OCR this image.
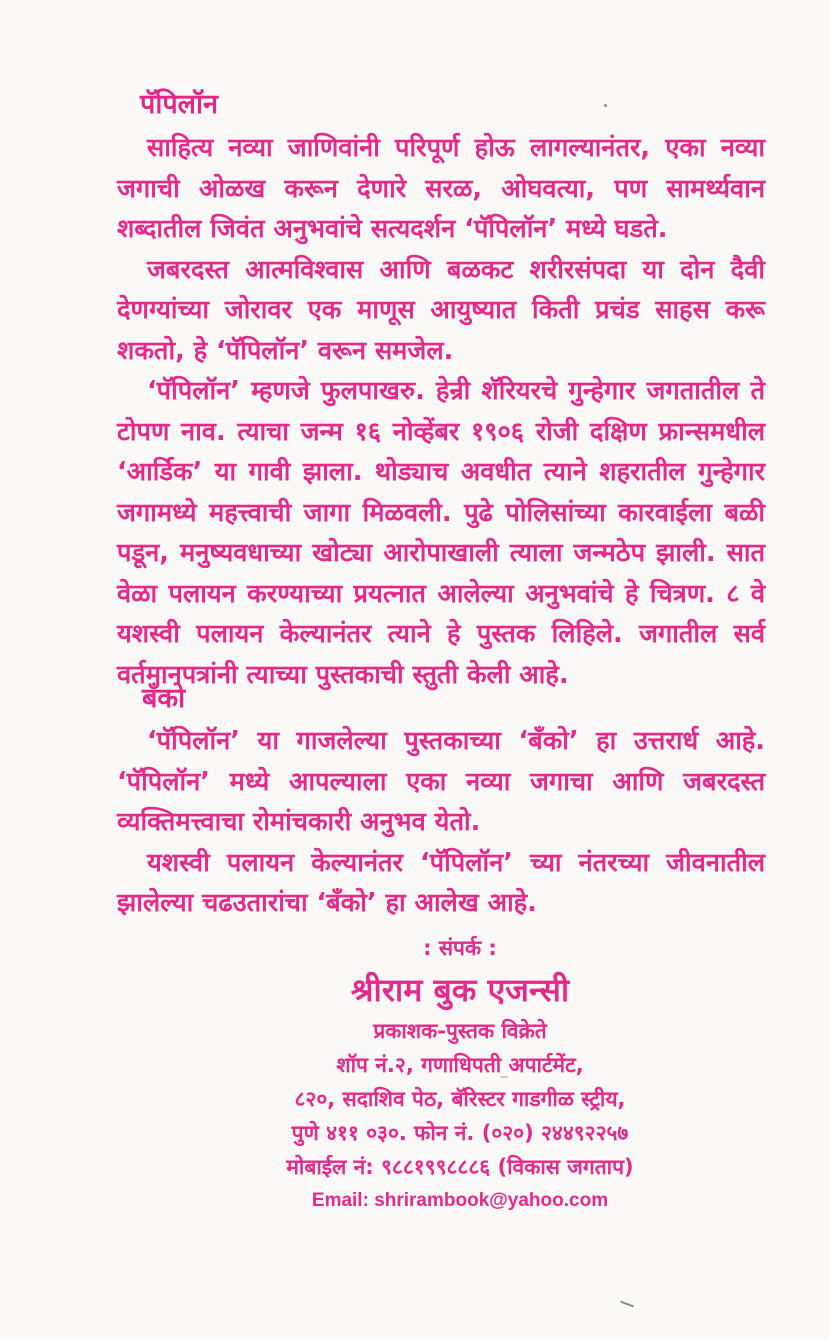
पॅपिलॉन

साहित्य नव्या जाणिवांनी परिपूर्ण होऊ लागल्यानंतर, एका नव्या जगाची ओळख करून देणारे सरळ, ओघवत्या, पण सामर्थ्यवान शब्दातील जिवंत अनुभवांचे सत्यदर्शन ‘पॅपिलॉन’ मध्ये घडते.

जबरदस्त आत्मविश्वास आणि बळकट शरीरसंपदा या दोन दैवी देणग्यांच्या जोरावर एक माणूस आयुष्यात किती प्रचंड साहस करू शकतो, हे ‘पॅपिलॉन’ वरून समजेल.

‘पॅपिलॉन’ म्हणजे फुलपाखरु. हेन्री शॅरियरचे गुन्हेगार जगतातील ते टोपण नाव. त्याचा जन्म १६ नोव्हेंबर १९०६ रोजी दक्षिण फ्रान्समधील ‘आर्डिक’ या गावी झाला. थोड्याच अवधीत त्याने शहरातील गुन्हेगार जगामध्ये महत्त्वाची जागा मिळवली. पुढे पोलिसांच्या कारवाईला बळी पडून, मनुष्यवधाच्या खोट्या आरोपाखाली त्याला जन्मठेप झाली. सात वेळा पलायन करण्याच्या प्रयत्नात आलेल्या अनुभवांचे हे चित्रण. ८ वे यशस्वी पलायन केल्यानंतर त्याने हे पुस्तक लिहिले. जगातील सर्व वर्तमानपत्रांनी त्याच्या पुस्तकाची स्तुती केली आहे.

बँको

‘पॅपिलॉन’ या गाजलेल्या पुस्तकाच्या ‘बँको’ हा उत्तरार्ध आहे. ‘पॅपिलॉन’ मध्ये आपल्याला एका नव्या जगाचा आणि जबरदस्त व्यक्तिमत्त्वाचा रोमांचकारी अनुभव येतो.

यशस्वी पलायन केल्यानंतर ‘पॅपिलॉन’ च्या नंतरच्या जीवनातील झालेल्या चढउतारांचा ‘बँको’ हा आलेख आहे.

: संपर्क :
श्रीराम बुक एजन्सी
प्रकाशक-पुस्तक विक्रेते
शॉप नं.२, गणाधिपती अपार्टमेंट,
८२०, सदाशिव पेठ, बॅरिस्टर गाडगीळ स्ट्रीय,
पुणे ४११ ०३०. फोन नं. (०२०) २४४९२२५७
मोबाईल नं: ९८८१९९८८८६ (विकास जगताप)
Email: shrirambook@yahoo.com
